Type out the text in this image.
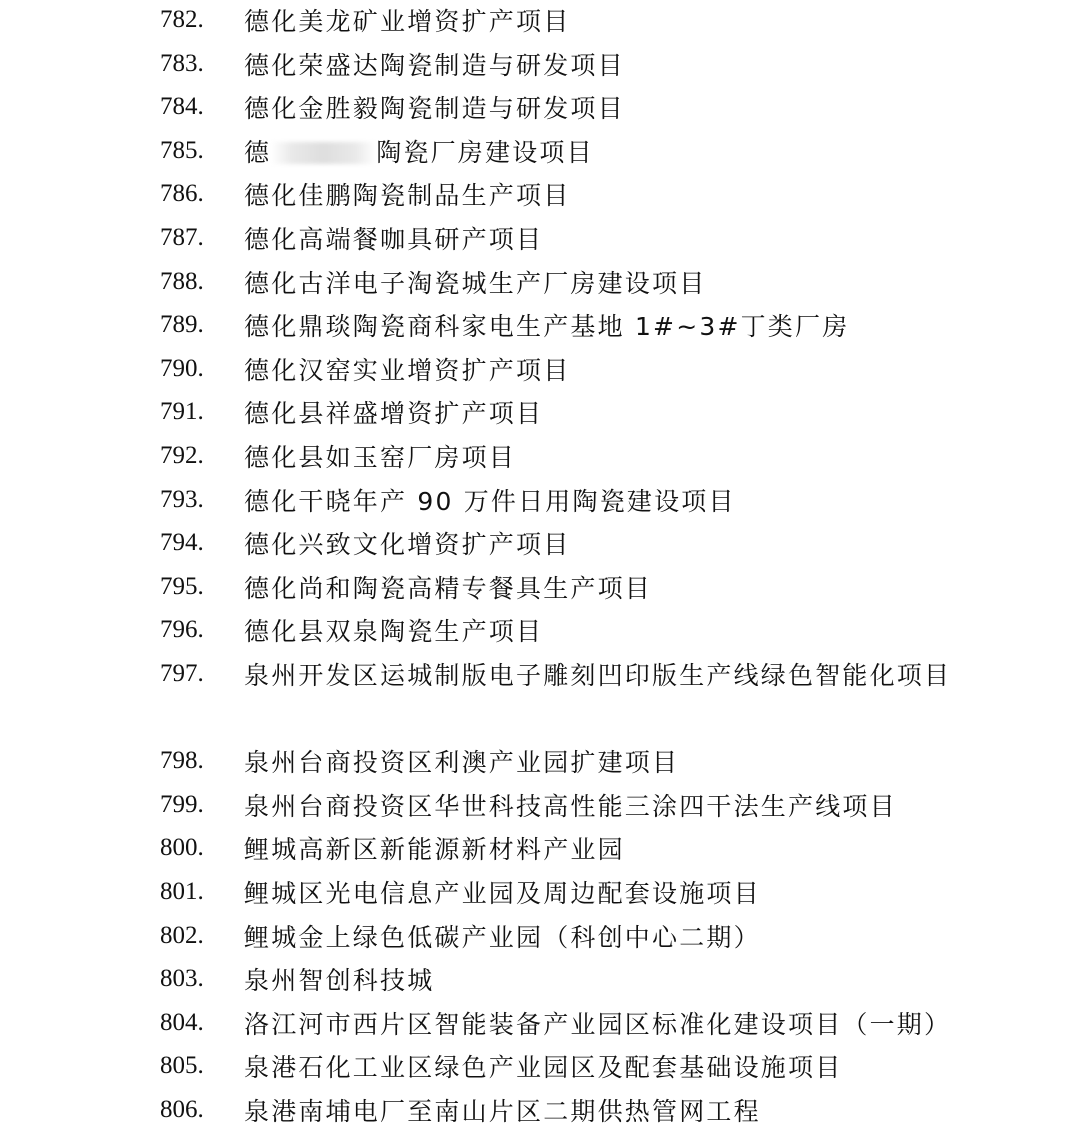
782. 德化美龙矿业增资扩产项目
783. 德化荣盛达陶瓷制造与研发项目
784. 德化金胜毅陶瓷制造与研发项目
785. 德	陶瓷厂房建设项目
786. 德化佳鹏陶瓷制品生产项目
787. 德化高端餐咖具研产项目
788. 德化古洋电子淘瓷城生产厂房建设项目
789. 德化鼎琰陶瓷商科家电生产基地 1#~3#丁类厂房
790. 德化汉窑实业增资扩产项目
791. 德化县祥盛增资扩产项目
792. 德化县如玉窑厂房项目
793. 德化干晓年产 90 万件日用陶瓷建设项目
794. 德化兴致文化增资扩产项目
795. 德化尚和陶瓷高精专餐具生产项目
796. 德化县双泉陶瓷生产项目
797. 泉州开发区运城制版电子雕刻凹印版生产线绿色智能化项目
798. 泉州台商投资区利澳产业园扩建项目
799. 泉州台商投资区华世科技高性能三涂四干法生产线项目
800. 鲤城高新区新能源新材料产业园
801. 鲤城区光电信息产业园及周边配套设施项目
802. 鲤城金上绿色低碳产业园（科创中心二期）
803. 泉州智创科技城
804. 洛江河市西片区智能装备产业园区标准化建设项目（一期）
805. 泉港石化工业区绿色产业园区及配套基础设施项目
806. 泉港南埔电厂至南山片区二期供热管网工程
